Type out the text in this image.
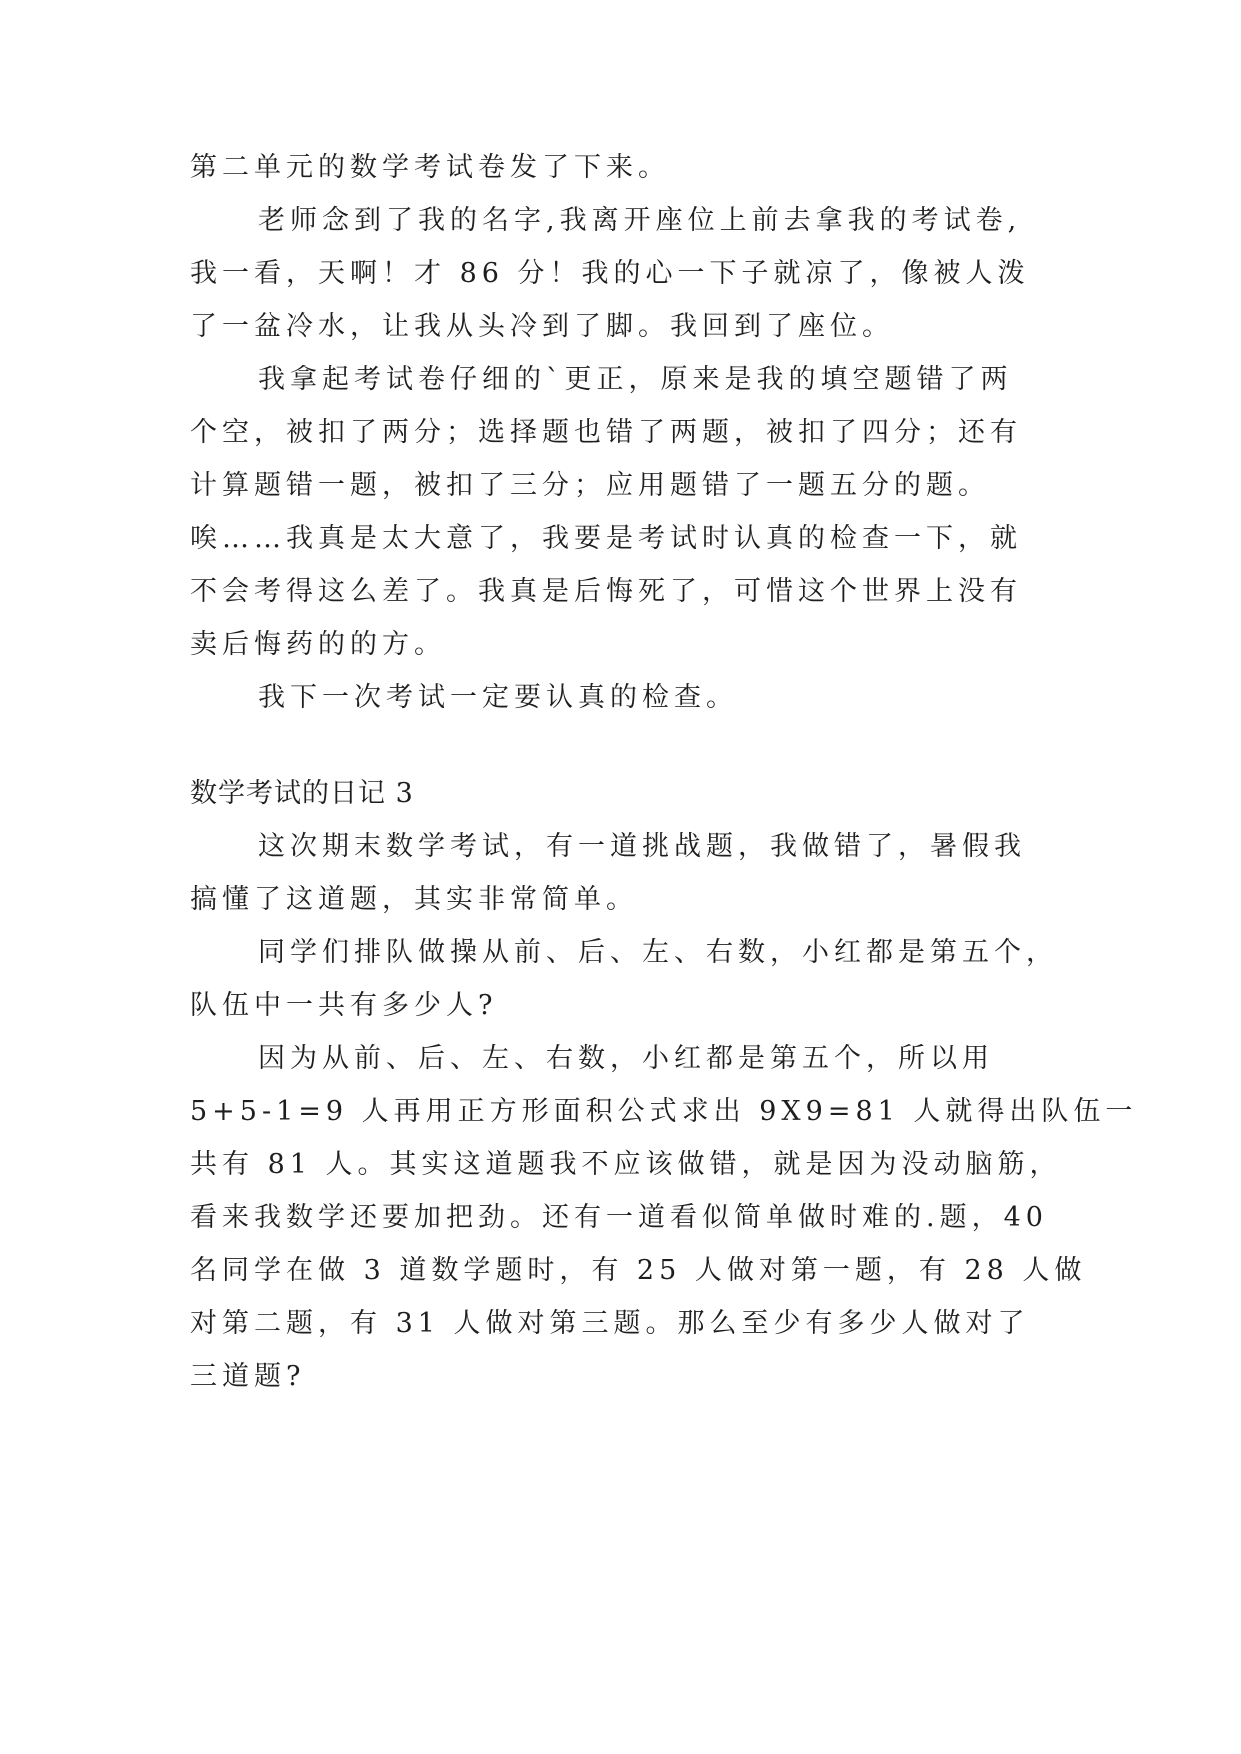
第二单元的数学考试卷发了下来。
老师念到了我的名字,我离开座位上前去拿我的考试卷,
我一看，天啊！才 86 分！我的心一下子就凉了，像被人泼
了一盆冷水，让我从头冷到了脚。我回到了座位。
我拿起考试卷仔细的`更正，原来是我的填空题错了两
个空，被扣了两分；选择题也错了两题，被扣了四分；还有
计算题错一题，被扣了三分；应用题错了一题五分的题。
唉……我真是太大意了，我要是考试时认真的检查一下，就
不会考得这么差了。我真是后悔死了，可惜这个世界上没有
卖后悔药的的方。
我下一次考试一定要认真的检查。
数学考试的日记 3
这次期末数学考试，有一道挑战题，我做错了，暑假我
搞懂了这道题，其实非常简单。
同学们排队做操从前、后、左、右数，小红都是第五个，
队伍中一共有多少人?
因为从前、后、左、右数，小红都是第五个，所以用
5+5-1=9 人再用正方形面积公式求出 9X9=81 人就得出队伍一
共有 81 人。其实这道题我不应该做错，就是因为没动脑筋，
看来我数学还要加把劲。还有一道看似简单做时难的.题，40
名同学在做 3 道数学题时，有 25 人做对第一题，有 28 人做
对第二题，有 31 人做对第三题。那么至少有多少人做对了
三道题?
